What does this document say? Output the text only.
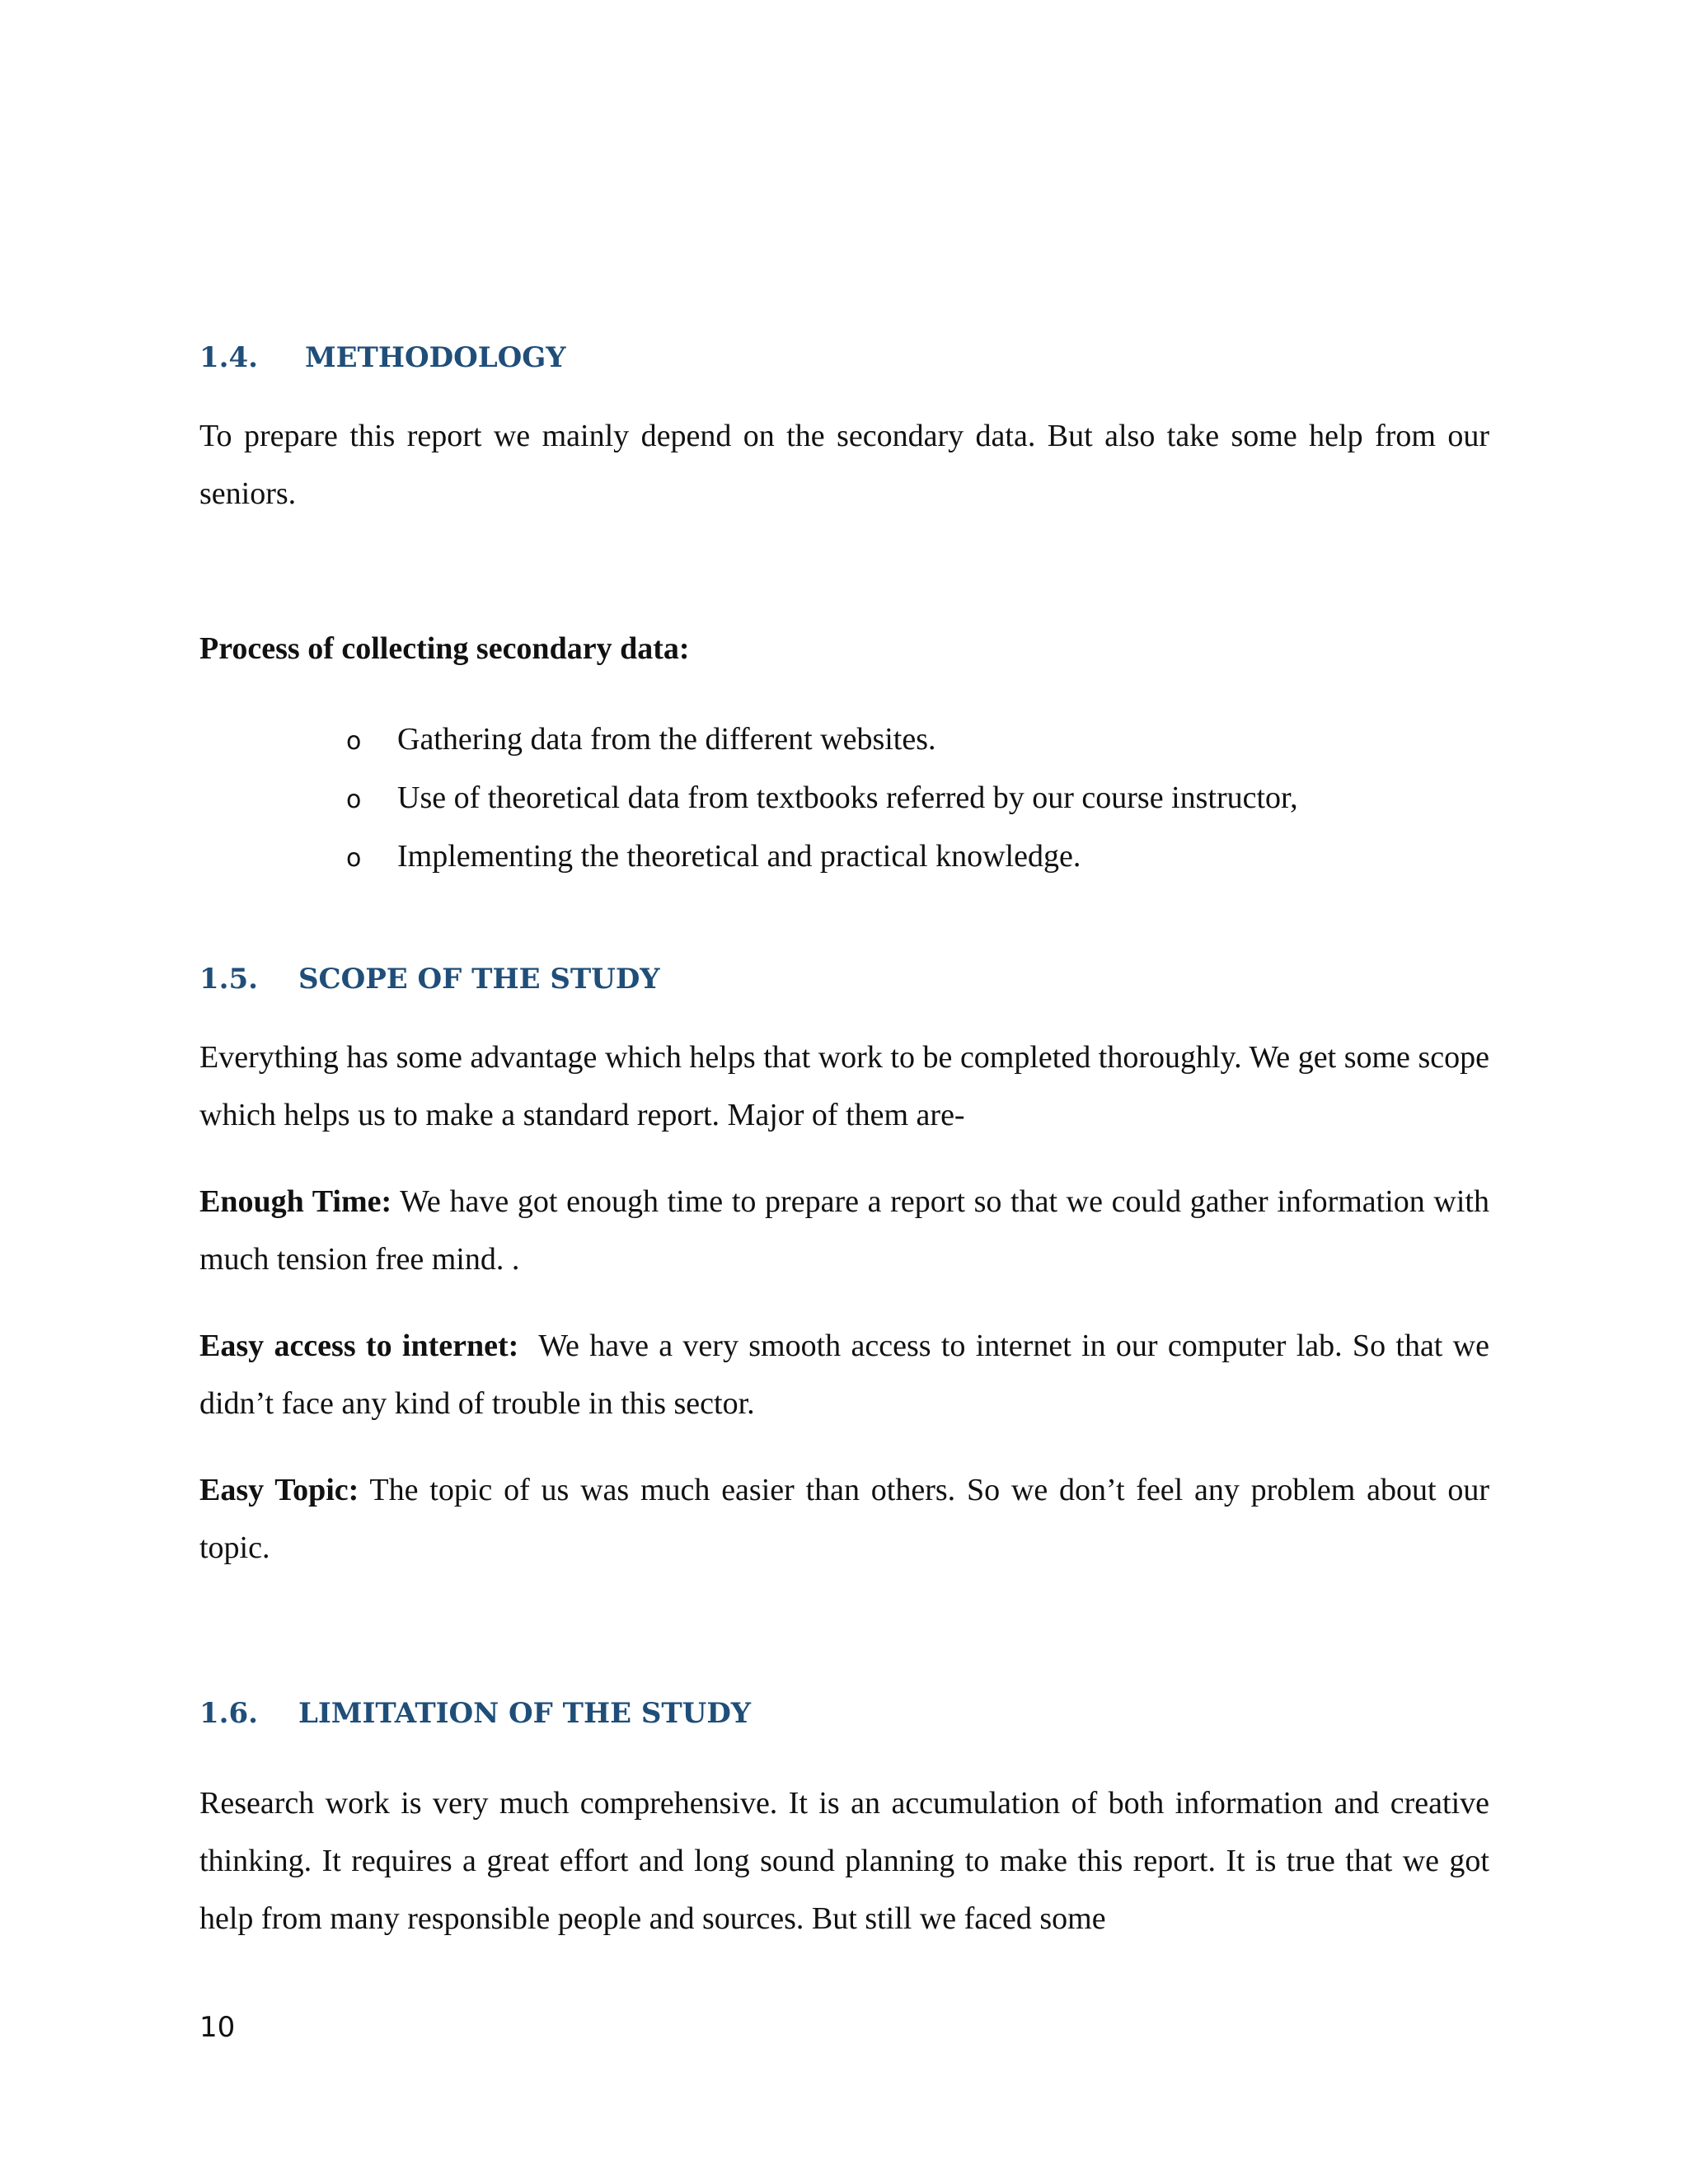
1.4. METHODOLOGY
To prepare this report we mainly depend on the secondary data. But also take some help from our seniors.
Process of collecting secondary data:
o Gathering data from the different websites.
o Use of theoretical data from textbooks referred by our course instructor,
o Implementing the theoretical and practical knowledge.
1.5. SCOPE OF THE STUDY
Everything has some advantage which helps that work to be completed thoroughly. We get some scope which helps us to make a standard report. Major of them are-
Enough Time: We have got enough time to prepare a report so that we could gather information with much tension free mind. .
Easy access to internet: We have a very smooth access to internet in our computer lab. So that we didn’t face any kind of trouble in this sector.
Easy Topic: The topic of us was much easier than others. So we don’t feel any problem about our topic.
1.6. LIMITATION OF THE STUDY
Research work is very much comprehensive. It is an accumulation of both information and creative thinking. It requires a great effort and long sound planning to make this report. It is true that we got help from many responsible people and sources. But still we faced some
10
